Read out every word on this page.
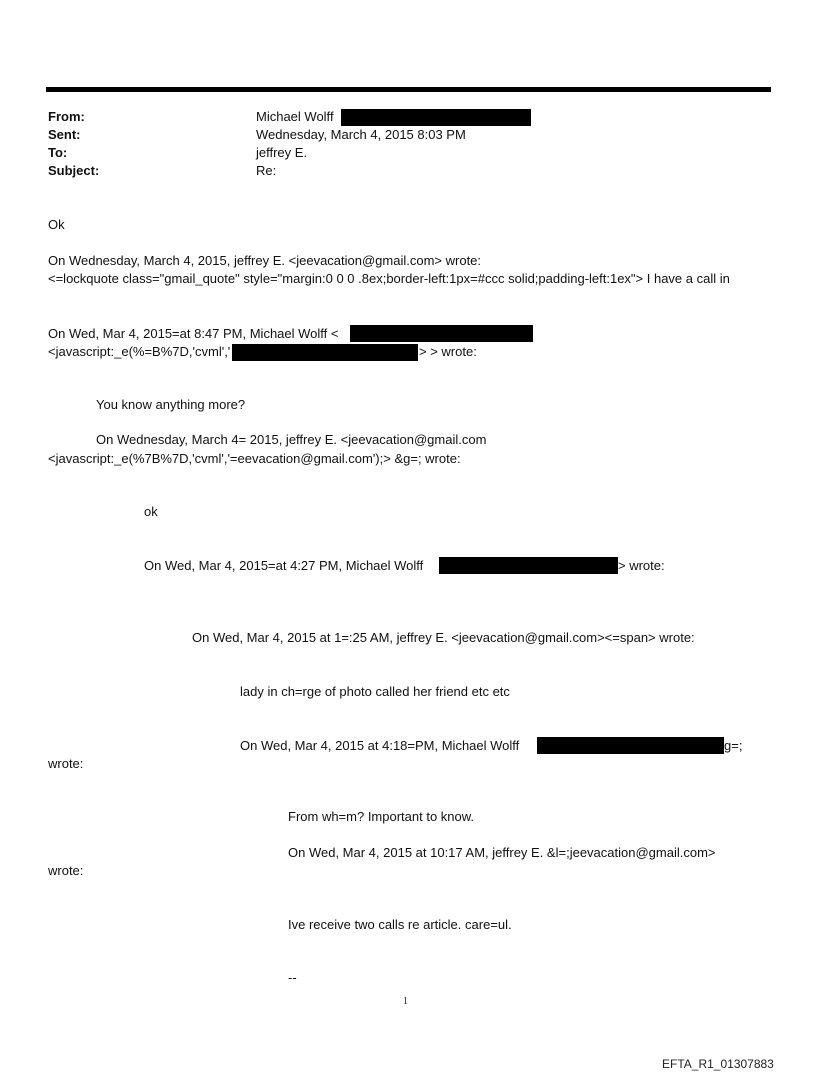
From:	Michael Wolff
Sent:	Wednesday, March 4, 2015 8:03 PM
To:	jeffrey E.
Subject:	Re:
Ok
On Wednesday, March 4, 2015, jeffrey E. <jeevacation@gmail.com> wrote:
<=lockquote class="gmail_quote" style="margin:0 0 0 .8ex;border-left:1px=#ccc solid;padding-left:1ex"> I have a call in
On Wed, Mar 4, 2015=at 8:47 PM, Michael Wolff <
<javascript:_e(%=B%7D,'cvml','	> > wrote:
You know anything more?
On Wednesday, March 4= 2015, jeffrey E. <jeevacation@gmail.com
<javascript:_e(%7B%7D,'cvml','=eevacation@gmail.com');> &g=; wrote:
ok
On Wed, Mar 4, 2015=at 4:27 PM, Michael Wolff	> wrote:
On Wed, Mar 4, 2015 at 1=:25 AM, jeffrey E. <jeevacation@gmail.com><=span> wrote:
lady in ch=rge of photo called her friend etc etc
On Wed, Mar 4, 2015 at 4:18=PM, Michael Wolff	g=;
wrote:
From wh=m? Important to know.
On Wed, Mar 4, 2015 at 10:17 AM, jeffrey E. &l=;jeevacation@gmail.com>
wrote:
Ive receive two calls re article. care=ul.
--
1
EFTA_R1_01307883
